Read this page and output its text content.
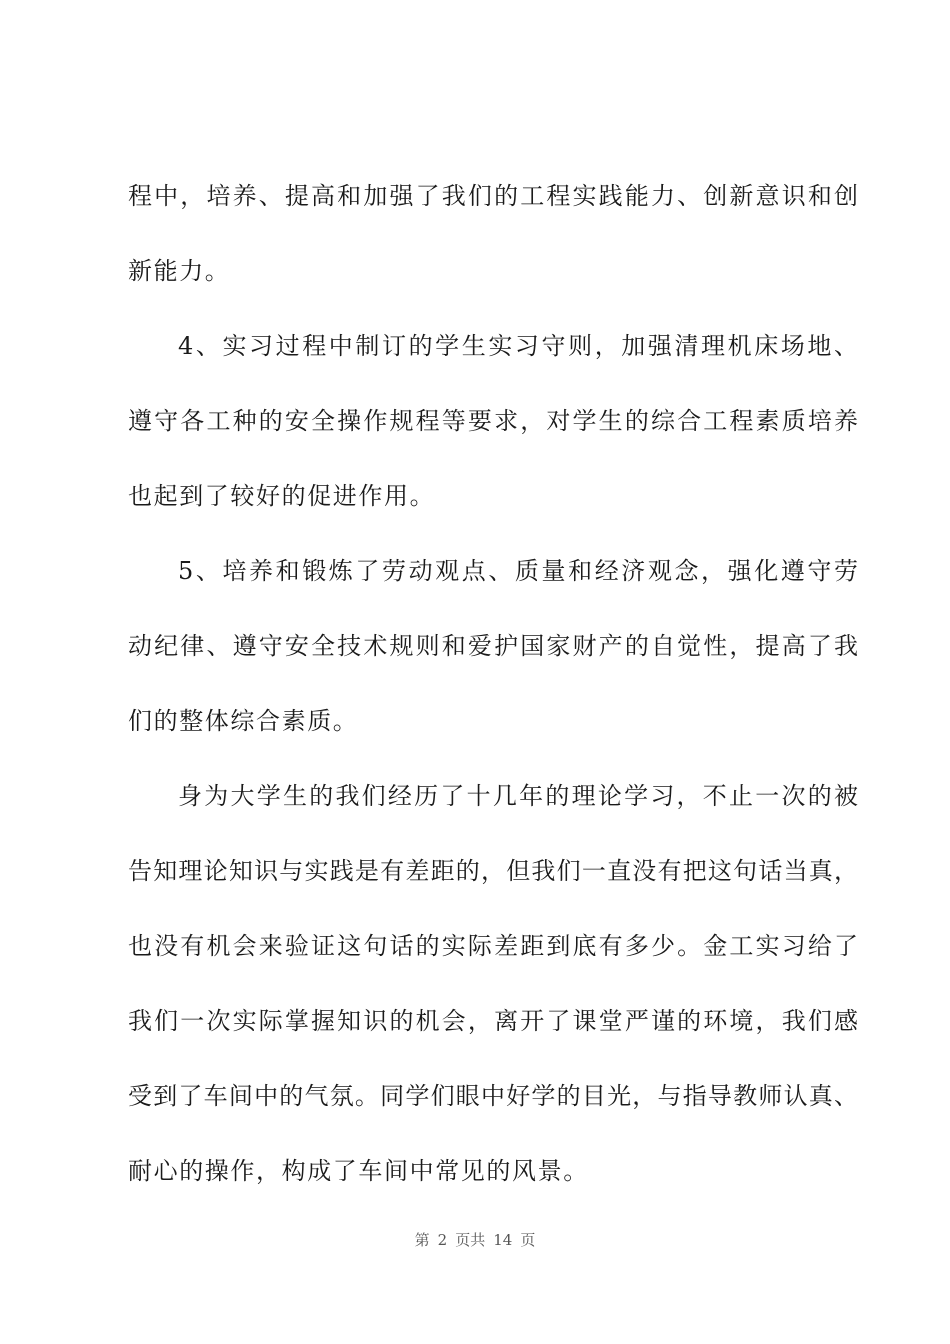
程中，培养、提高和加强了我们的工程实践能力、创新意识和创
新能力。
4、实习过程中制订的学生实习守则，加强清理机床场地、
遵守各工种的安全操作规程等要求，对学生的综合工程素质培养
也起到了较好的促进作用。
5、培养和锻炼了劳动观点、质量和经济观念，强化遵守劳
动纪律、遵守安全技术规则和爱护国家财产的自觉性，提高了我
们的整体综合素质。
身为大学生的我们经历了十几年的理论学习，不止一次的被
告知理论知识与实践是有差距的，但我们一直没有把这句话当真，
也没有机会来验证这句话的实际差距到底有多少。金工实习给了
我们一次实际掌握知识的机会，离开了课堂严谨的环境，我们感
受到了车间中的气氛。同学们眼中好学的目光，与指导教师认真、
耐心的操作，构成了车间中常见的风景。
第 2 页共 14 页
